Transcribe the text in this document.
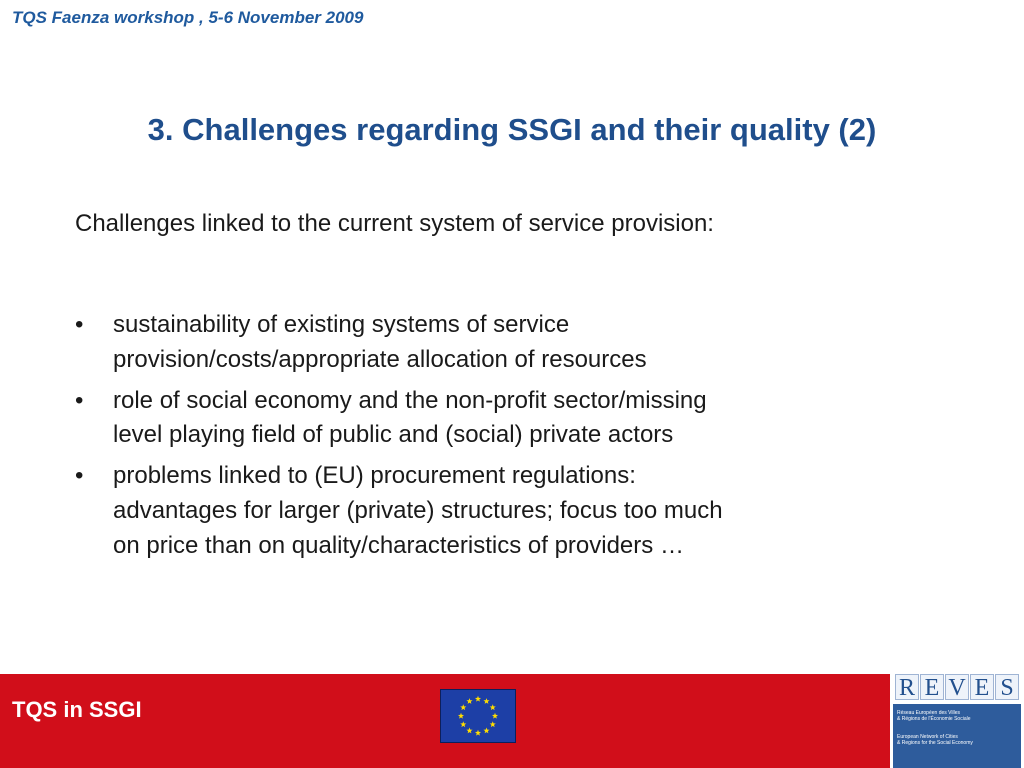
TQS Faenza workshop , 5-6 November 2009
3. Challenges regarding SSGI and their quality (2)
Challenges linked to the current system of service provision:
•	sustainability of existing systems of service
provision/costs/appropriate allocation of resources
•	role of social economy and the non-profit sector/missing
level playing field of public and (social) private actors
•	problems linked to (EU) procurement regulations:
advantages for larger (private) structures; focus too much
on price than on quality/characteristics of providers …
TQS in SSGI
R E V E S
Réseau Européen des Villes
& Régions de l'Économie Sociale
European Network of Cities
& Regions for the Social Economy
